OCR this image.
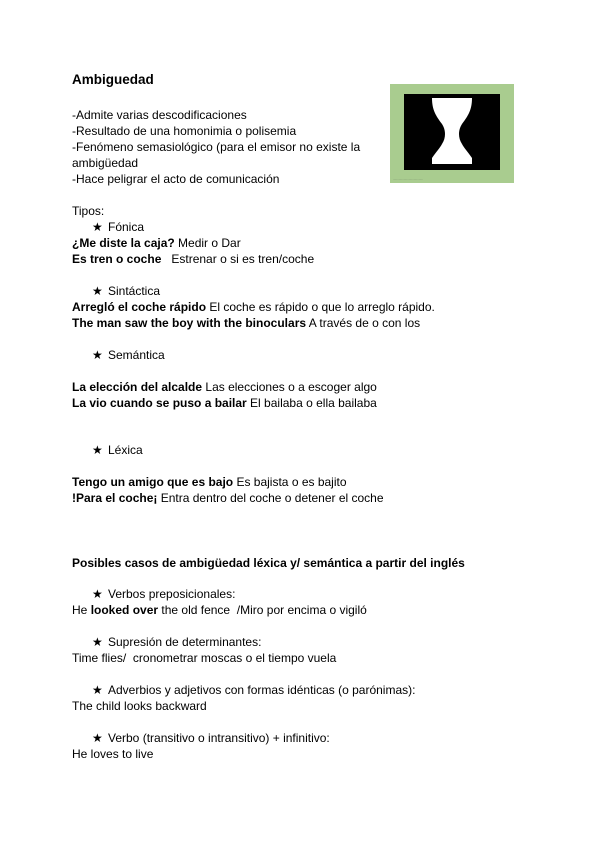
Ambiguedad
-Admite varias descodificaciones
-Resultado de una homonimia o polisemia
-Fenómeno semasiológico (para el emisor no existe la
ambigüedad
-Hace peligrar el acto de comunicación	....................................
Tipos:
★ Fónica
¿Me diste la caja? Medir o Dar
Es tren o coche   Estrenar o si es tren/coche
★ Sintáctica
Arregló el coche rápido El coche es rápido o que lo arreglo rápido.
The man saw the boy with the binoculars A través de o con los
★ Semántica
La elección del alcalde Las elecciones o a escoger algo
La vio cuando se puso a bailar El bailaba o ella bailaba
★ Léxica
Tengo un amigo que es bajo Es bajista o es bajito
!Para el coche¡ Entra dentro del coche o detener el coche
Posibles casos de ambigüedad léxica y/ semántica a partir del inglés
★ Verbos preposicionales:
He looked over the old fence  /Miro por encima o vigiló
★ Supresión de determinantes:
Time flies/  cronometrar moscas o el tiempo vuela
★ Adverbios y adjetivos con formas idénticas (o parónimas):
The child looks backward
★ Verbo (transitivo o intransitivo) + infinitivo:
He loves to live
